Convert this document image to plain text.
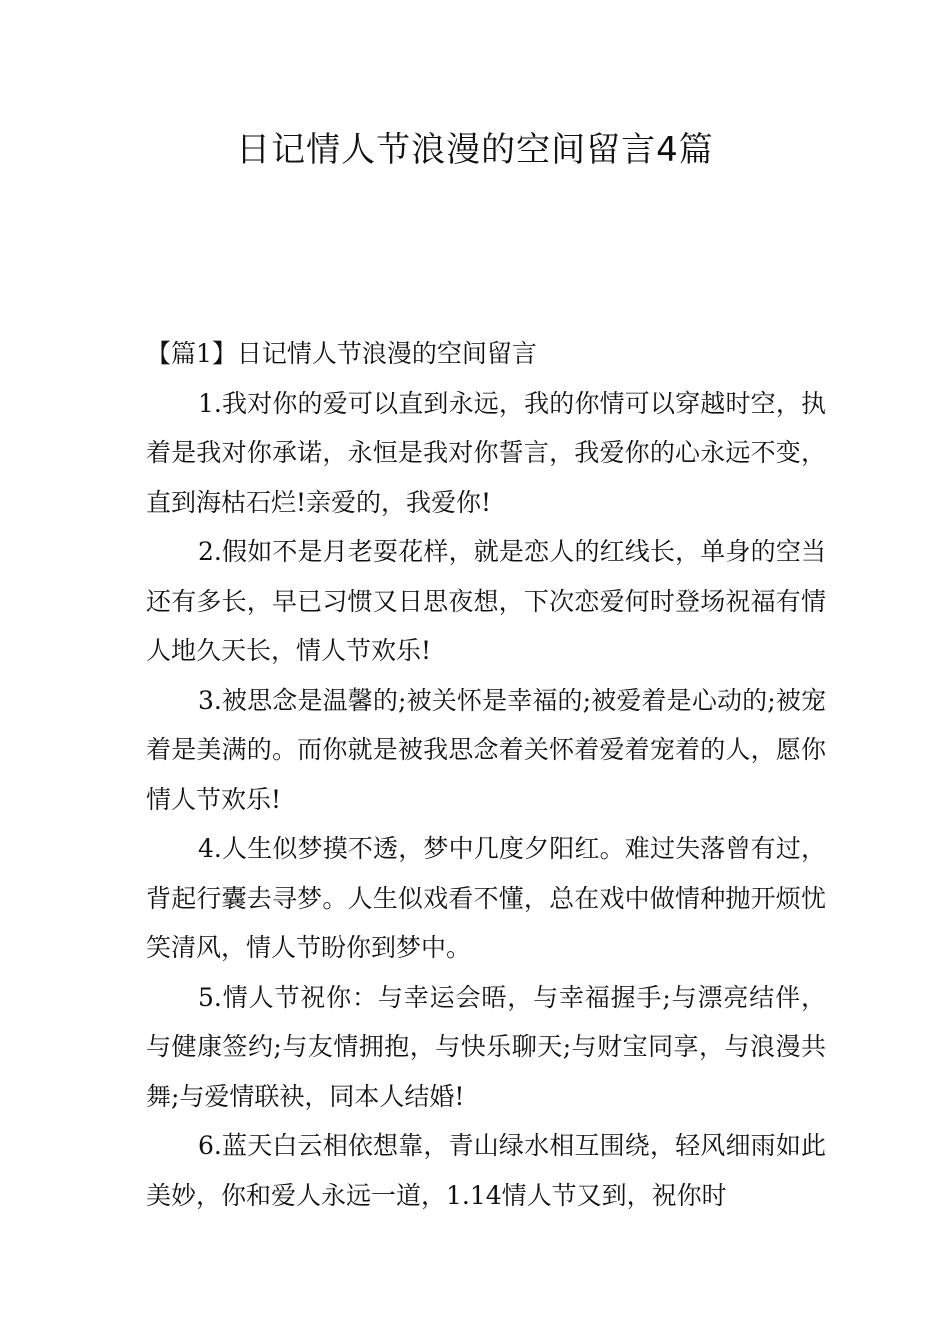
日记情人节浪漫的空间留言4篇
【篇1】日记情人节浪漫的空间留言

1.我对你的爱可以直到永远，我的你情可以穿越时空，执着是我对你承诺，永恒是我对你誓言，我爱你的心永远不变，直到海枯石烂!亲爱的，我爱你!

2.假如不是月老耍花样，就是恋人的红线长，单身的空当还有多长，早已习惯又日思夜想，下次恋爱何时登场祝福有情人地久天长，情人节欢乐!

3.被思念是温馨的;被关怀是幸福的;被爱着是心动的;被宠着是美满的。而你就是被我思念着关怀着爱着宠着的人，愿你情人节欢乐!

4.人生似梦摸不透，梦中几度夕阳红。难过失落曾有过，背起行囊去寻梦。人生似戏看不懂，总在戏中做情种抛开烦忧笑清风，情人节盼你到梦中。

5.情人节祝你：与幸运会晤，与幸福握手;与漂亮结伴，与健康签约;与友情拥抱，与快乐聊天;与财宝同享，与浪漫共舞;与爱情联袂，同本人结婚!

6.蓝天白云相依想靠，青山绿水相互围绕，轻风细雨如此美妙，你和爱人永远一道，1.14情人节又到，祝你时
